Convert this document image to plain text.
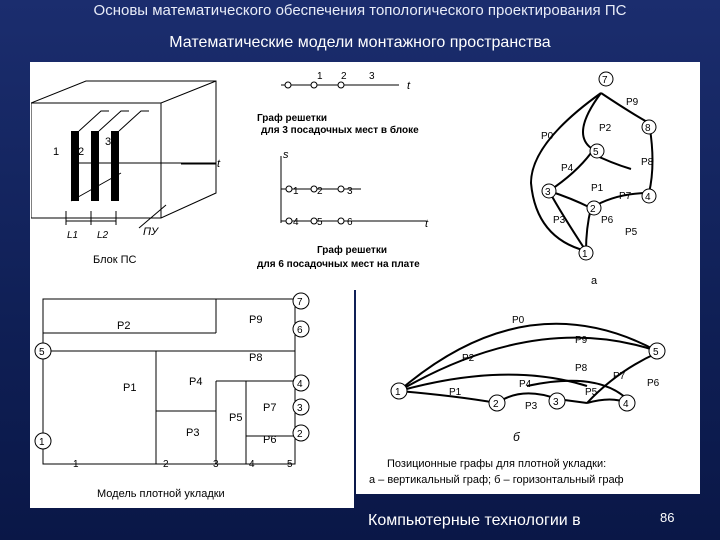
Основы математического обеспечения топологического проектирования ПС
Математические модели монтажного пространства
1 2
3
L1 L2	ПУ
Блок ПС
1 2 3
t
Граф решетки
для 3 посадочных мест в блоке
t
s
1 2 3
4 5 6	t
Граф решетки
для 6 посадочных мест на плате
7
8
5
3
2
4
1
P9
P2
P0
P8
P4
P1
P7
P3	P6
P5
а
P9
P2
P8
P4
P1
P5
P7
P3
P6
7
6
4
3
2
5
1
1	2	3	4	5
Модель плотной укладки
1
2	3	4
5
P0
P9
P2
P8
P7
P6
P1
P4
P3
P5
б
Позиционные графы для плотной укладки:
а – вертикальный граф; б – горизонтальный граф
Компьютерные технологии в	86
